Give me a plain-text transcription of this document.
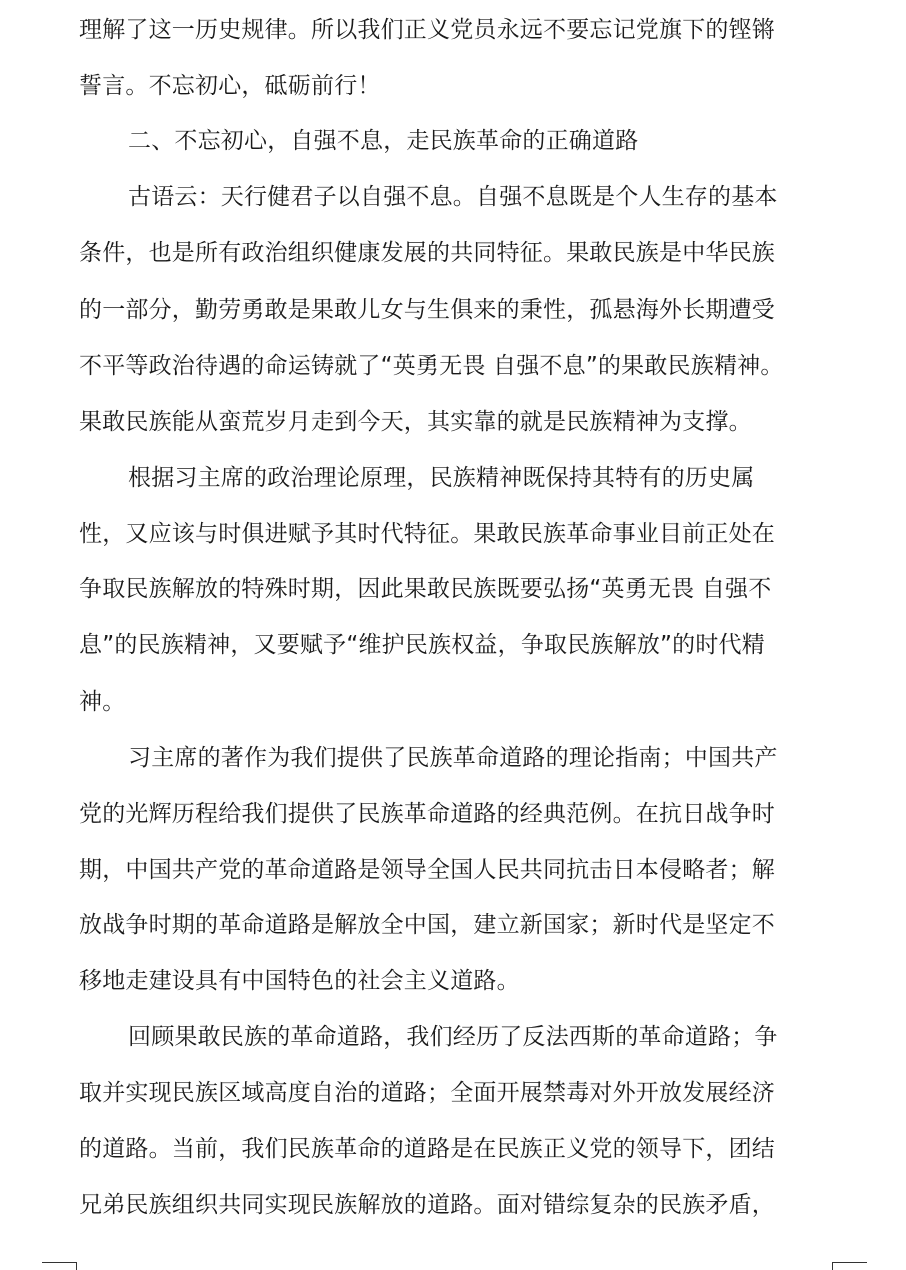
理解了这一历史规律。所以我们正义党员永远不要忘记党旗下的铿锵
誓言。不忘初心，砥砺前行！
二、不忘初心，自强不息，走民族革命的正确道路
古语云：天行健君子以自强不息。自强不息既是个人生存的基本
条件，也是所有政治组织健康发展的共同特征。果敢民族是中华民族
的一部分，勤劳勇敢是果敢儿女与生俱来的秉性，孤悬海外长期遭受
不平等政治待遇的命运铸就了“英勇无畏 自强不息”的果敢民族精神。
果敢民族能从蛮荒岁月走到今天，其实靠的就是民族精神为支撑。
根据习主席的政治理论原理，民族精神既保持其特有的历史属
性，又应该与时俱进赋予其时代特征。果敢民族革命事业目前正处在
争取民族解放的特殊时期，因此果敢民族既要弘扬“英勇无畏 自强不
息”的民族精神，又要赋予“维护民族权益，争取民族解放”的时代精
神。
习主席的著作为我们提供了民族革命道路的理论指南；中国共产
党的光辉历程给我们提供了民族革命道路的经典范例。在抗日战争时
期，中国共产党的革命道路是领导全国人民共同抗击日本侵略者；解
放战争时期的革命道路是解放全中国，建立新国家；新时代是坚定不
移地走建设具有中国特色的社会主义道路。
回顾果敢民族的革命道路，我们经历了反法西斯的革命道路；争
取并实现民族区域高度自治的道路；全面开展禁毒对外开放发展经济
的道路。当前，我们民族革命的道路是在民族正义党的领导下，团结
兄弟民族组织共同实现民族解放的道路。面对错综复杂的民族矛盾，
